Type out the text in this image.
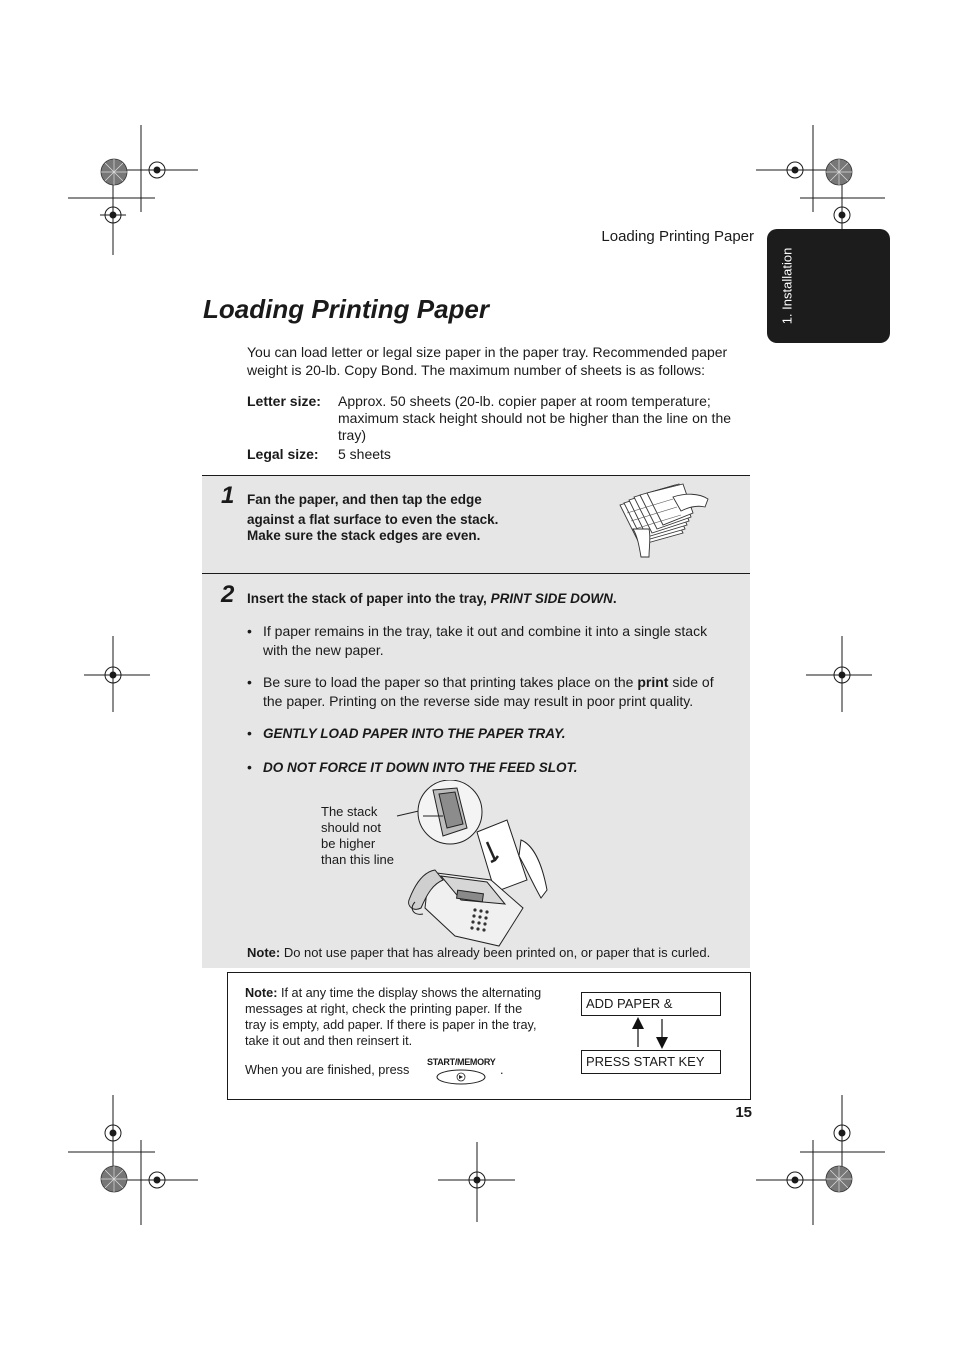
Loading Printing Paper
1. Installation
Loading Printing Paper
You can load letter or legal size paper in the paper tray. Recommended paper weight is 20-lb. Copy Bond. The maximum number of sheets is as follows:
Letter size: Approx. 50 sheets (20-lb. copier paper at room temperature; maximum stack height should not be higher than the line on the tray)
Legal size: 5 sheets
1 Fan the paper, and then tap the edge
against a flat surface to even the stack.
Make sure the stack edges are even.
2 Insert the stack of paper into the tray, PRINT SIDE DOWN.
• If paper remains in the tray, take it out and combine it into a single stack with the new paper.
• Be sure to load the paper so that printing takes place on the print side of the paper. Printing on the reverse side may result in poor print quality.
• GENTLY LOAD PAPER INTO THE PAPER TRAY.
• DO NOT FORCE IT DOWN INTO THE FEED SLOT.
The stack
should not
be higher
than this line
Note: Do not use paper that has already been printed on, or paper that is curled.
Note: If at any time the display shows the alternating messages at right, check the printing paper. If the tray is empty, add paper. If there is paper in the tray, take it out and then reinsert it.
When you are finished, press
START/MEMORY
.
ADD PAPER &
PRESS START KEY
15
